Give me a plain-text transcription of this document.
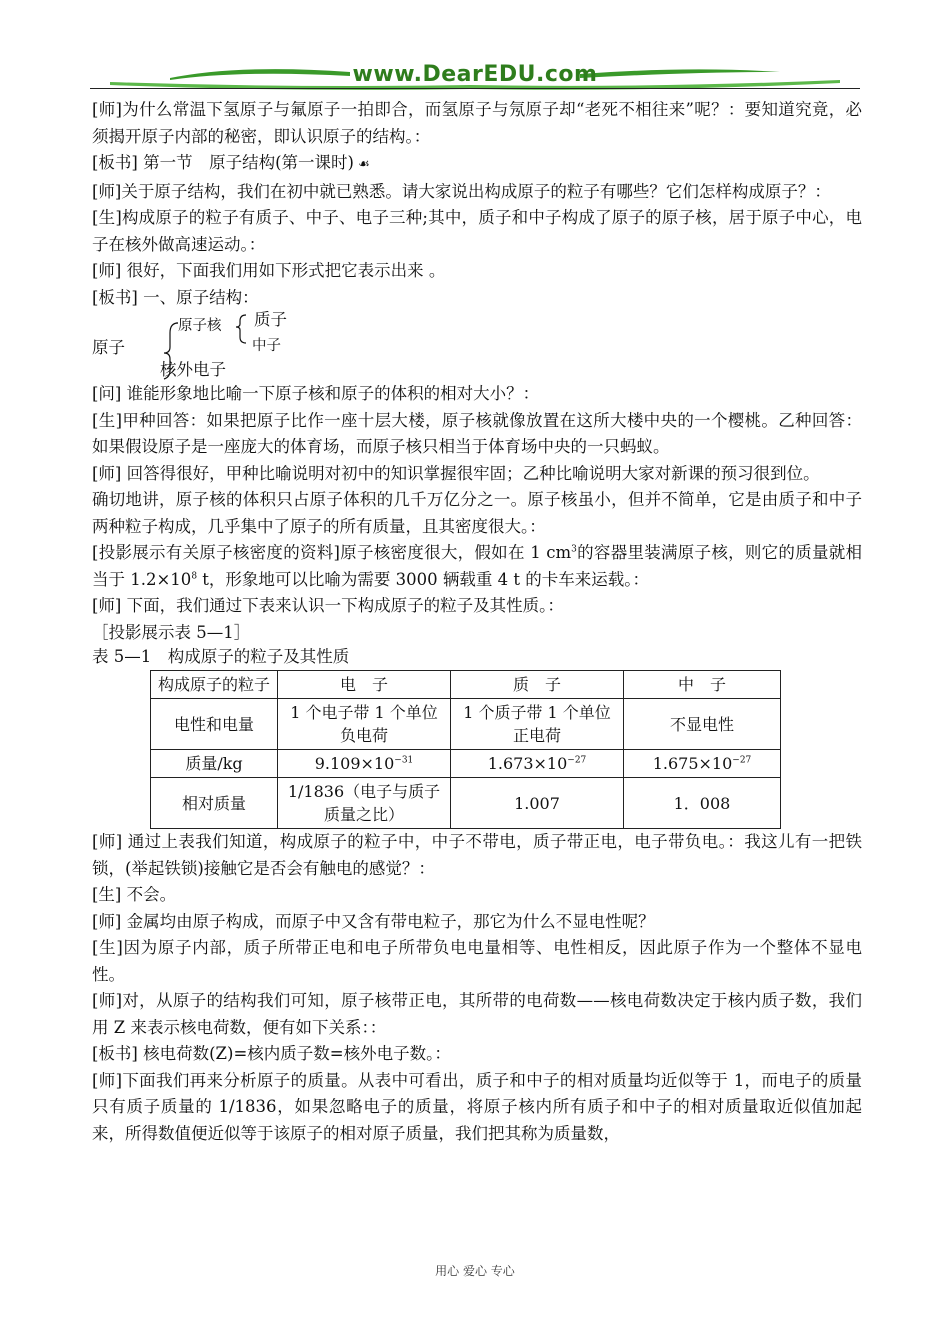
www.DearEDU.com

[师]为什么常温下氢原子与氟原子一拍即合，而氢原子与氖原子却“老死不相往来”呢？：要知道究竟，必须揭开原子内部的秘密，即认识原子的结构。：

[板书] 第一节　原子结构(第一课时) ☙

[师]关于原子结构，我们在初中就已熟悉。请大家说出构成原子的粒子有哪些？它们怎样构成原子？：

[生]构成原子的粒子有质子、中子、电子三种;其中，质子和中子构成了原子的原子核，居于原子中心，电子在核外做高速运动。：

[师] 很好，下面我们用如下形式把它表示出来 。

[板书] 一、原子结构：

原子
原子核 质子
中子
核外电子

[问] 谁能形象地比喻一下原子核和原子的体积的相对大小？：

[生]甲种回答：如果把原子比作一座十层大楼，原子核就像放置在这所大楼中央的一个樱桃。乙种回答：如果假设原子是一座庞大的体育场，而原子核只相当于体育场中央的一只蚂蚁。

[师] 回答得很好，甲种比喻说明对初中的知识掌握很牢固；乙种比喻说明大家对新课的预习很到位。

确切地讲，原子核的体积只占原子体积的几千万亿分之一。原子核虽小，但并不简单，它是由质子和中子两种粒子构成，几乎集中了原子的所有质量，且其密度很大。：

[投影展示有关原子核密度的资料]原子核密度很大，假如在 1 $cm^3$的容器里装满原子核，则它的质量就相当于 $1.2\times 10^8$ t，形象地可以比喻为需要 3000 辆载重 4 t 的卡车来运载。：

[师] 下面，我们通过下表来认识一下构成原子的粒子及其性质。：

［投影展示表 5—1］

表 5—1　构成原子的粒子及其性质

构成原子的粒子	电　子	质　子	中　子
电性和电量	1 个电子带 1 个单位负电荷	1 个质子带 1 个单位正电荷	不显电性
质量/kg	$9.109\times 10^{-31}$	$1.673\times 10^{-27}$	$1.675\times 10^{-27}$
相对质量	1/1836（电子与质子质量之比）	1.007	1．008

[师] 通过上表我们知道，构成原子的粒子中，中子不带电，质子带正电，电子带负电。：我这儿有一把铁锁，(举起铁锁)接触它是否会有触电的感觉？：

[生] 不会。

[师] 金属均由原子构成，而原子中又含有带电粒子，那它为什么不显电性呢？

[生]因为原子内部，质子所带正电和电子所带负电电量相等、电性相反，因此原子作为一个整体不显电性。

[师]对，从原子的结构我们可知，原子核带正电，其所带的电荷数——核电荷数决定于核内质子数，我们用 Z 来表示核电荷数，便有如下关系：：

[板书] 核电荷数(Z)=核内质子数=核外电子数。：

[师]下面我们再来分析原子的质量。从表中可看出，质子和中子的相对质量均近似等于 1，而电子的质量只有质子质量的 1/1836，如果忽略电子的质量，将原子核内所有质子和中子的相对质量取近似值加起来，所得数值便近似等于该原子的相对原子质量，我们把其称为质量数，

用心 爱心 专心
